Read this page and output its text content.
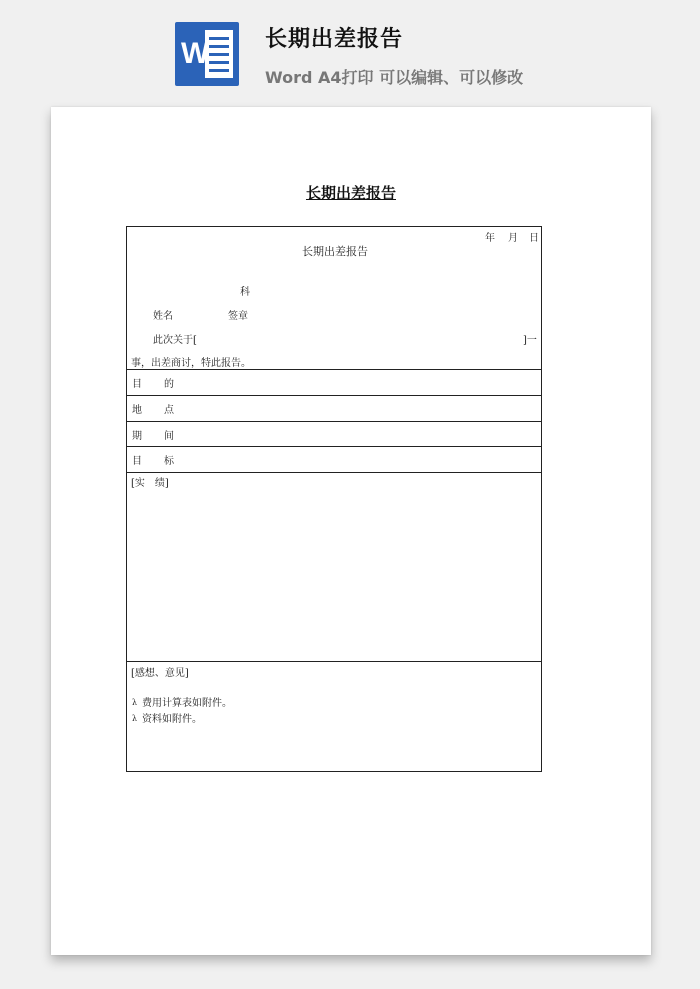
W	长期出差报告
Word A4打印 可以编辑、可以修改
长期出差报告
年 月 日
长期出差报告
科
姓名	签章
此次关于[	]一
事，出差商讨，特此报告。
目 的
地 点
期 间
目 标
[实　绩]
[感想、意见]
λ 费用计算表如附件。
λ 资料如附件。
